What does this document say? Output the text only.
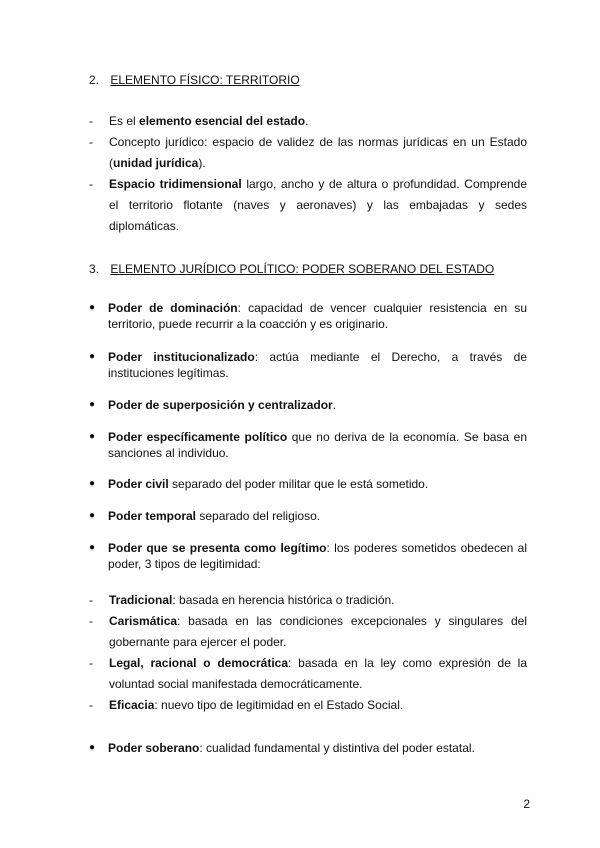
2. ELEMENTO FÍSICO: TERRITORIO
-	Es el elemento esencial del estado.
-	Concepto jurídico: espacio de validez de las normas jurídicas en un Estado (unidad jurídica).
-	Espacio tridimensional largo, ancho y de altura o profundidad. Comprende el territorio flotante (naves y aeronaves) y las embajadas y sedes diplomáticas.
3. ELEMENTO JURÍDICO POLÍTICO: PODER SOBERANO DEL ESTADO
● Poder de dominación: capacidad de vencer cualquier resistencia en su territorio, puede recurrir a la coacción y es originario.
● Poder institucionalizado: actúa mediante el Derecho, a través de instituciones legítimas.
● Poder de superposición y centralizador.
● Poder específicamente político que no deriva de la economía. Se basa en sanciones al individuo.
● Poder civil separado del poder militar que le está sometido.
● Poder temporal separado del religioso.
● Poder que se presenta como legítimo: los poderes sometidos obedecen al poder, 3 tipos de legitimidad:
-	Tradicional: basada en herencia histórica o tradición.
-	Carismática: basada en las condiciones excepcionales y singulares del gobernante para ejercer el poder.
-	Legal, racional o democrática: basada en la ley como expresión de la voluntad social manifestada democráticamente.
-	Eficacia: nuevo tipo de legitimidad en el Estado Social.
● Poder soberano: cualidad fundamental y distintiva del poder estatal.
2
